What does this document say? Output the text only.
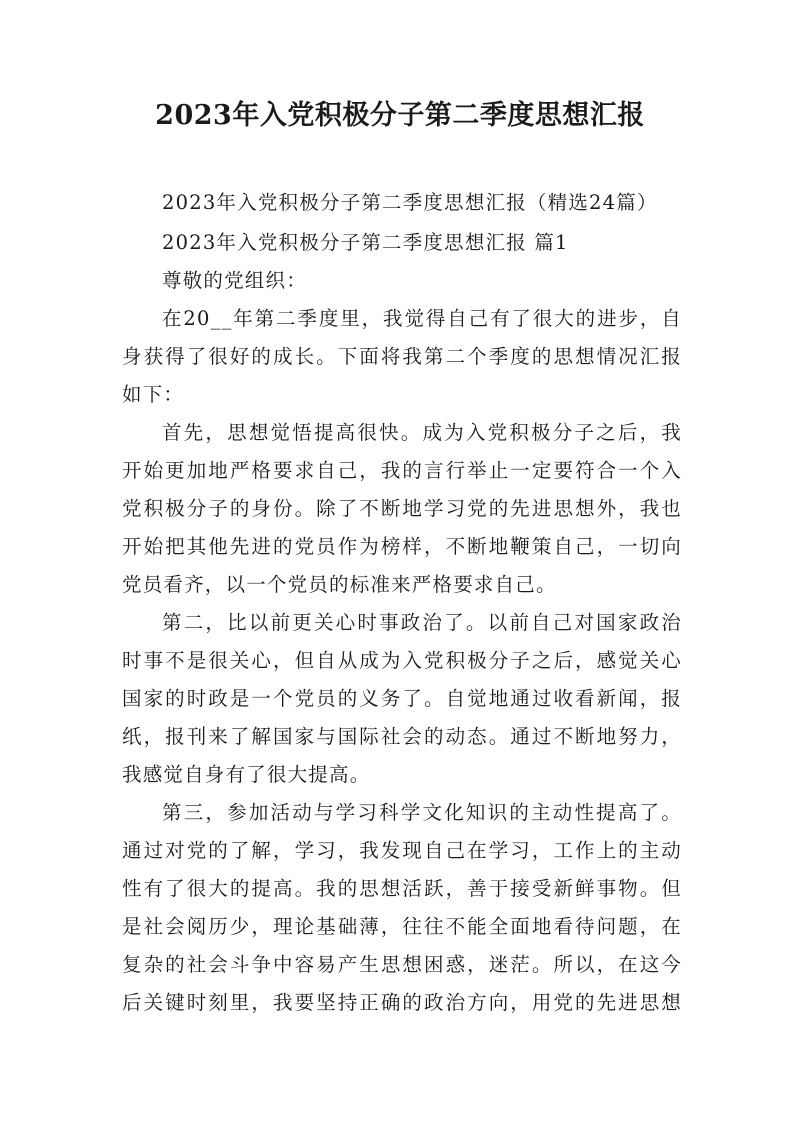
2023年入党积极分子第二季度思想汇报
2023年入党积极分子第二季度思想汇报（精选24篇）
2023年入党积极分子第二季度思想汇报 篇1
尊敬的党组织：
在20__年第二季度里，我觉得自己有了很大的进步，自
身获得了很好的成长。下面将我第二个季度的思想情况汇报
如下：
首先，思想觉悟提高很快。成为入党积极分子之后，我
开始更加地严格要求自己，我的言行举止一定要符合一个入
党积极分子的身份。除了不断地学习党的先进思想外，我也
开始把其他先进的党员作为榜样，不断地鞭策自己，一切向
党员看齐，以一个党员的标准来严格要求自己。
第二，比以前更关心时事政治了。以前自己对国家政治
时事不是很关心，但自从成为入党积极分子之后，感觉关心
国家的时政是一个党员的义务了。自觉地通过收看新闻，报
纸，报刊来了解国家与国际社会的动态。通过不断地努力，
我感觉自身有了很大提高。
第三，参加活动与学习科学文化知识的主动性提高了。
通过对党的了解，学习，我发现自己在学习，工作上的主动
性有了很大的提高。我的思想活跃，善于接受新鲜事物。但
是社会阅历少，理论基础薄，往往不能全面地看待问题，在
复杂的社会斗争中容易产生思想困惑，迷茫。所以，在这今
后关键时刻里，我要坚持正确的政治方向，用党的先进思想
